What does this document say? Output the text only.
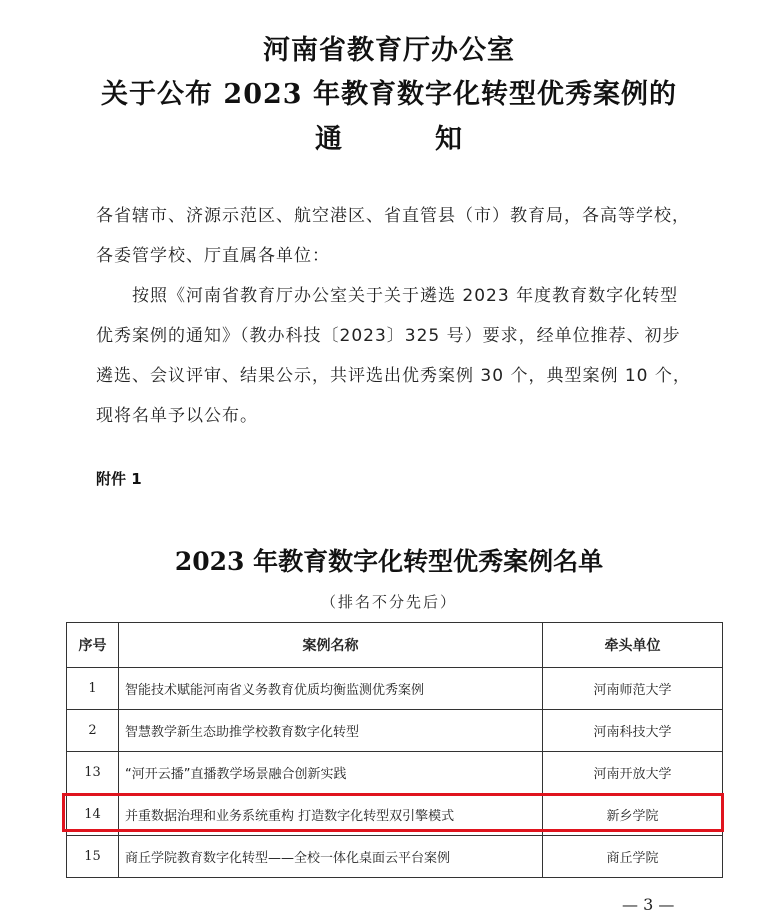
河南省教育厅办公室
关于公布 2023 年教育数字化转型优秀案例的
通	知
各省辖市、济源示范区、航空港区、省直管县（市）教育局，各高等学校，各委管学校、厅直属各单位：
按照《河南省教育厅办公室关于关于遴选 2023 年度教育数字化转型优秀案例的通知》（教办科技〔2023〕325 号）要求，经单位推荐、初步遴选、会议评审、结果公示，共评选出优秀案例 30 个，典型案例 10 个，现将名单予以公布。
附件 1
2023 年教育数字化转型优秀案例名单
（排名不分先后）
序号	案例名称	牵头单位
1	智能技术赋能河南省义务教育优质均衡监测优秀案例	河南师范大学
2	智慧教学新生态助推学校教育数字化转型	河南科技大学
13	“河开云播”直播教学场景融合创新实践	河南开放大学
14	并重数据治理和业务系统重构 打造数字化转型双引擎模式	新乡学院
15	商丘学院教育数字化转型——全校一体化桌面云平台案例	商丘学院
— 3 —
